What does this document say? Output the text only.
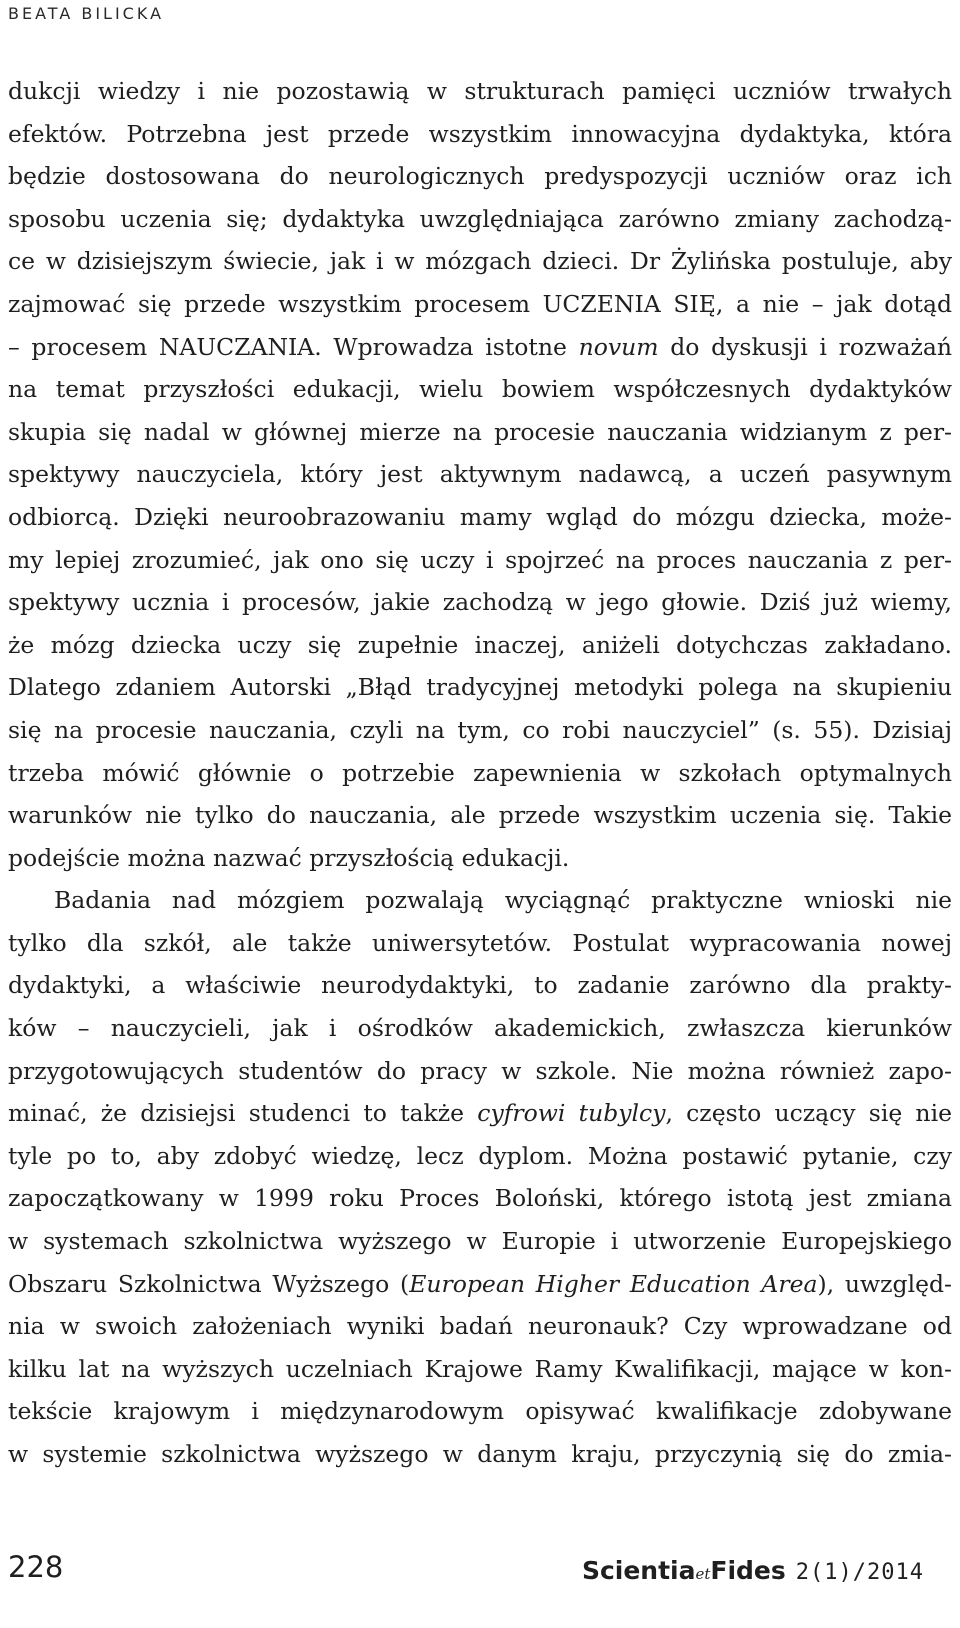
BEATA BILICKA
dukcji wiedzy i nie pozostawią w strukturach pamięci uczniów trwałych
efektów. Potrzebna jest przede wszystkim innowacyjna dydaktyka, która
będzie dostosowana do neurologicznych predyspozycji uczniów oraz ich
sposobu uczenia się; dydaktyka uwzględniająca zarówno zmiany zachodzą-
ce w dzisiejszym świecie, jak i w mózgach dzieci. Dr Żylińska postuluje, aby
zajmować się przede wszystkim procesem UCZENIA SIĘ, a nie – jak dotąd
– procesem NAUCZANIA. Wprowadza istotne novum do dyskusji i rozważań
na temat przyszłości edukacji, wielu bowiem współczesnych dydaktyków
skupia się nadal w głównej mierze na procesie nauczania widzianym z per-
spektywy nauczyciela, który jest aktywnym nadawcą, a uczeń pasywnym
odbiorcą. Dzięki neuroobrazowaniu mamy wgląd do mózgu dziecka, może-
my lepiej zrozumieć, jak ono się uczy i spojrzeć na proces nauczania z per-
spektywy ucznia i procesów, jakie zachodzą w jego głowie. Dziś już wiemy,
że mózg dziecka uczy się zupełnie inaczej, aniżeli dotychczas zakładano.
Dlatego zdaniem Autorski „Błąd tradycyjnej metodyki polega na skupieniu
się na procesie nauczania, czyli na tym, co robi nauczyciel” (s. 55). Dzisiaj
trzeba mówić głównie o potrzebie zapewnienia w szkołach optymalnych
warunków nie tylko do nauczania, ale przede wszystkim uczenia się. Takie
podejście można nazwać przyszłością edukacji.
Badania nad mózgiem pozwalają wyciągnąć praktyczne wnioski nie
tylko dla szkół, ale także uniwersytetów. Postulat wypracowania nowej
dydaktyki, a właściwie neurodydaktyki, to zadanie zarówno dla prakty-
ków – nauczycieli, jak i ośrodków akademickich, zwłaszcza kierunków
przygotowujących studentów do pracy w szkole. Nie można również zapo-
minać, że dzisiejsi studenci to także cyfrowi tubylcy, często uczący się nie
tyle po to, aby zdobyć wiedzę, lecz dyplom. Można postawić pytanie, czy
zapoczątkowany w 1999 roku Proces Boloński, którego istotą jest zmiana
w systemach szkolnictwa wyższego w Europie i utworzenie Europejskiego
Obszaru Szkolnictwa Wyższego (European Higher Education Area), uwzględ-
nia w swoich założeniach wyniki badań neuronauk? Czy wprowadzane od
kilku lat na wyższych uczelniach Krajowe Ramy Kwalifikacji, mające w kon-
tekście krajowym i międzynarodowym opisywać kwalifikacje zdobywane
w systemie szkolnictwa wyższego w danym kraju, przyczynią się do zmia-
228	ScientiaetFides 2(1)/2014
